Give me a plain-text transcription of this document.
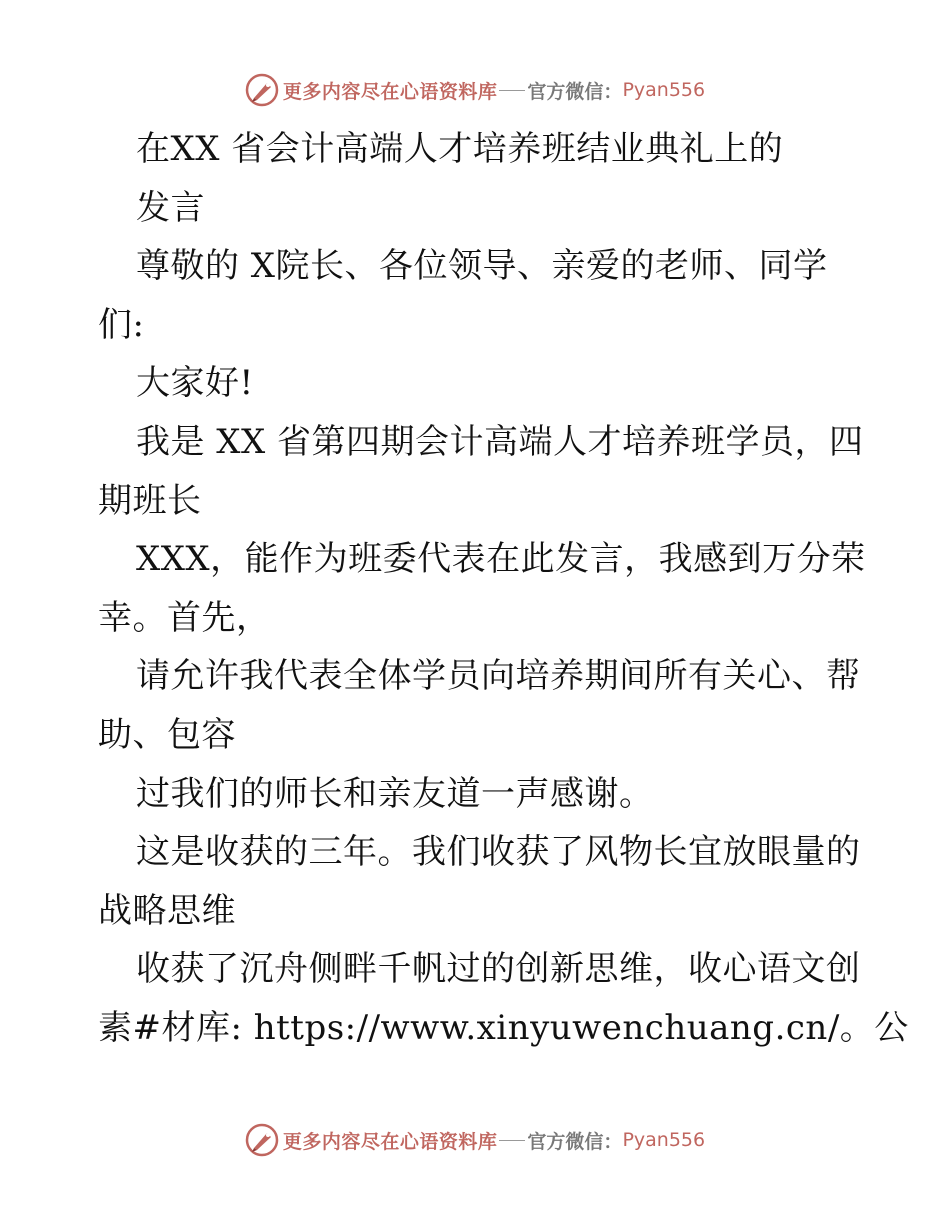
更多内容尽在心语资料库 官方微信： Pyan556
在XX 省会计高端人才培养班结业典礼上的
发言
尊敬的 X院长、各位领导、亲爱的老师、同学
们:
大家好!
我是 XX 省第四期会计高端人才培养班学员，四
期班长
XXX，能作为班委代表在此发言，我感到万分荣
幸。首先，
请允许我代表全体学员向培养期间所有关心、帮
助、包容
过我们的师长和亲友道一声感谢。
这是收获的三年。我们收获了风物长宜放眼量的
战略思维
收获了沉舟侧畔千帆过的创新思维，收心语文创
素#材库: https://www.xinyuwenchuang.cn/。公
更多内容尽在心语资料库 官方微信： Pyan556
